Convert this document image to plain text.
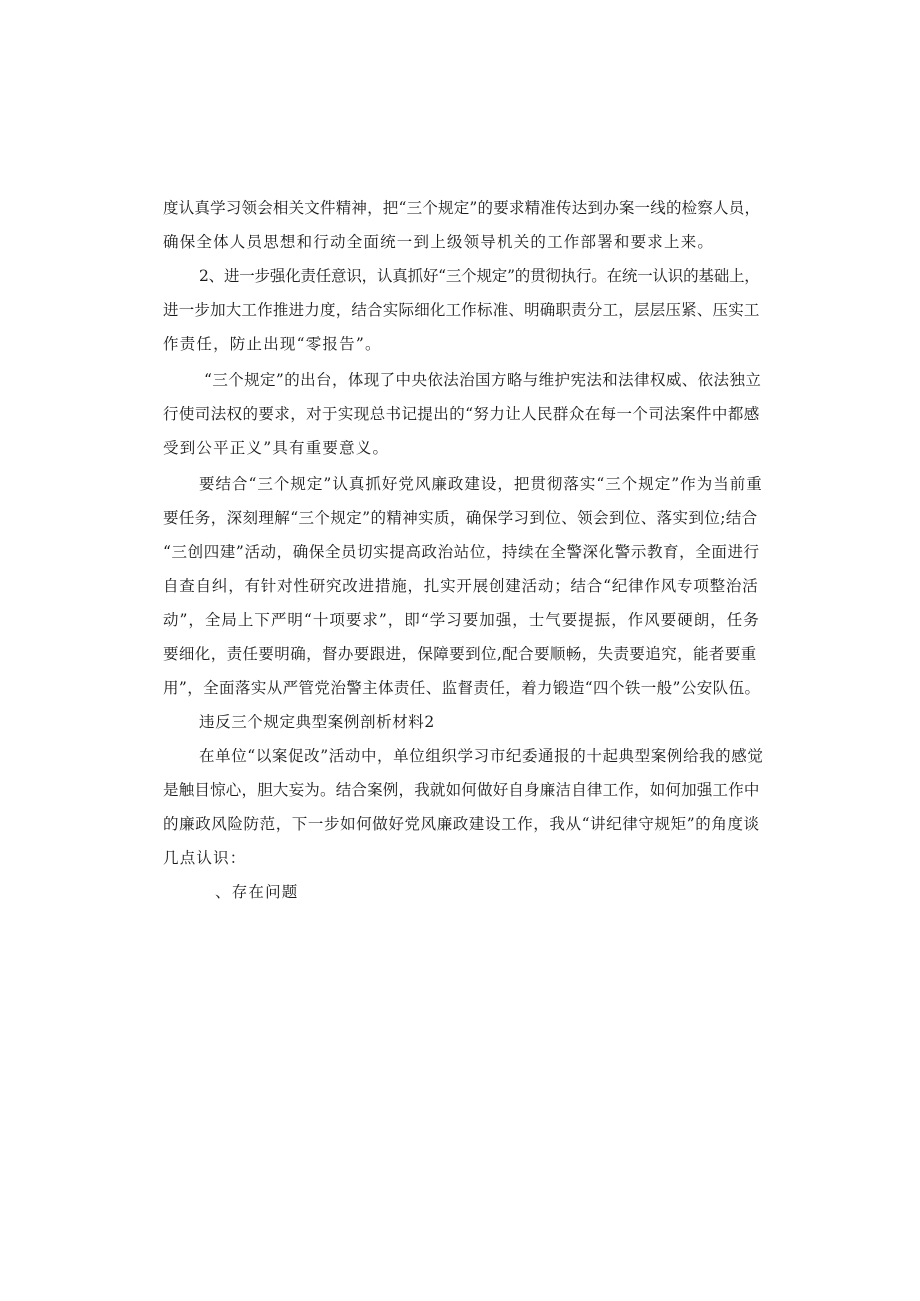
度认真学习领会相关文件精神，把“三个规定”的要求精准传达到办案一线的检察人员，
确保全体人员思想和行动全面统一到上级领导机关的工作部署和要求上来。
2、进一步强化责任意识，认真抓好“三个规定”的贯彻执行。在统一认识的基础上，
进一步加大工作推进力度，结合实际细化工作标准、明确职责分工，层层压紧、压实工
作责任，防止出现“零报告”。
“三个规定”的出台，体现了中央依法治国方略与维护宪法和法律权威、依法独立
行使司法权的要求，对于实现总书记提出的“努力让人民群众在每一个司法案件中都感
受到公平正义”具有重要意义。
要结合“三个规定”认真抓好党风廉政建设，把贯彻落实“三个规定”作为当前重
要任务，深刻理解“三个规定”的精神实质，确保学习到位、领会到位、落实到位;结合
“三创四建”活动，确保全员切实提高政治站位，持续在全警深化警示教育，全面进行
自查自纠，有针对性研究改进措施，扎实开展创建活动；结合“纪律作风专项整治活
动”，全局上下严明“十项要求”，即“学习要加强，士气要提振，作风要硬朗，任务
要细化，责任要明确，督办要跟进，保障要到位,配合要顺畅，失责要追究，能者要重
用”，全面落实从严管党治警主体责任、监督责任，着力锻造“四个铁一般”公安队伍。
违反三个规定典型案例剖析材料2
在单位“以案促改”活动中，单位组织学习市纪委通报的十起典型案例给我的感觉
是触目惊心，胆大妄为。结合案例，我就如何做好自身廉洁自律工作，如何加强工作中
的廉政风险防范，下一步如何做好党风廉政建设工作，我从“讲纪律守规矩”的角度谈
几点认识：
、存在问题
